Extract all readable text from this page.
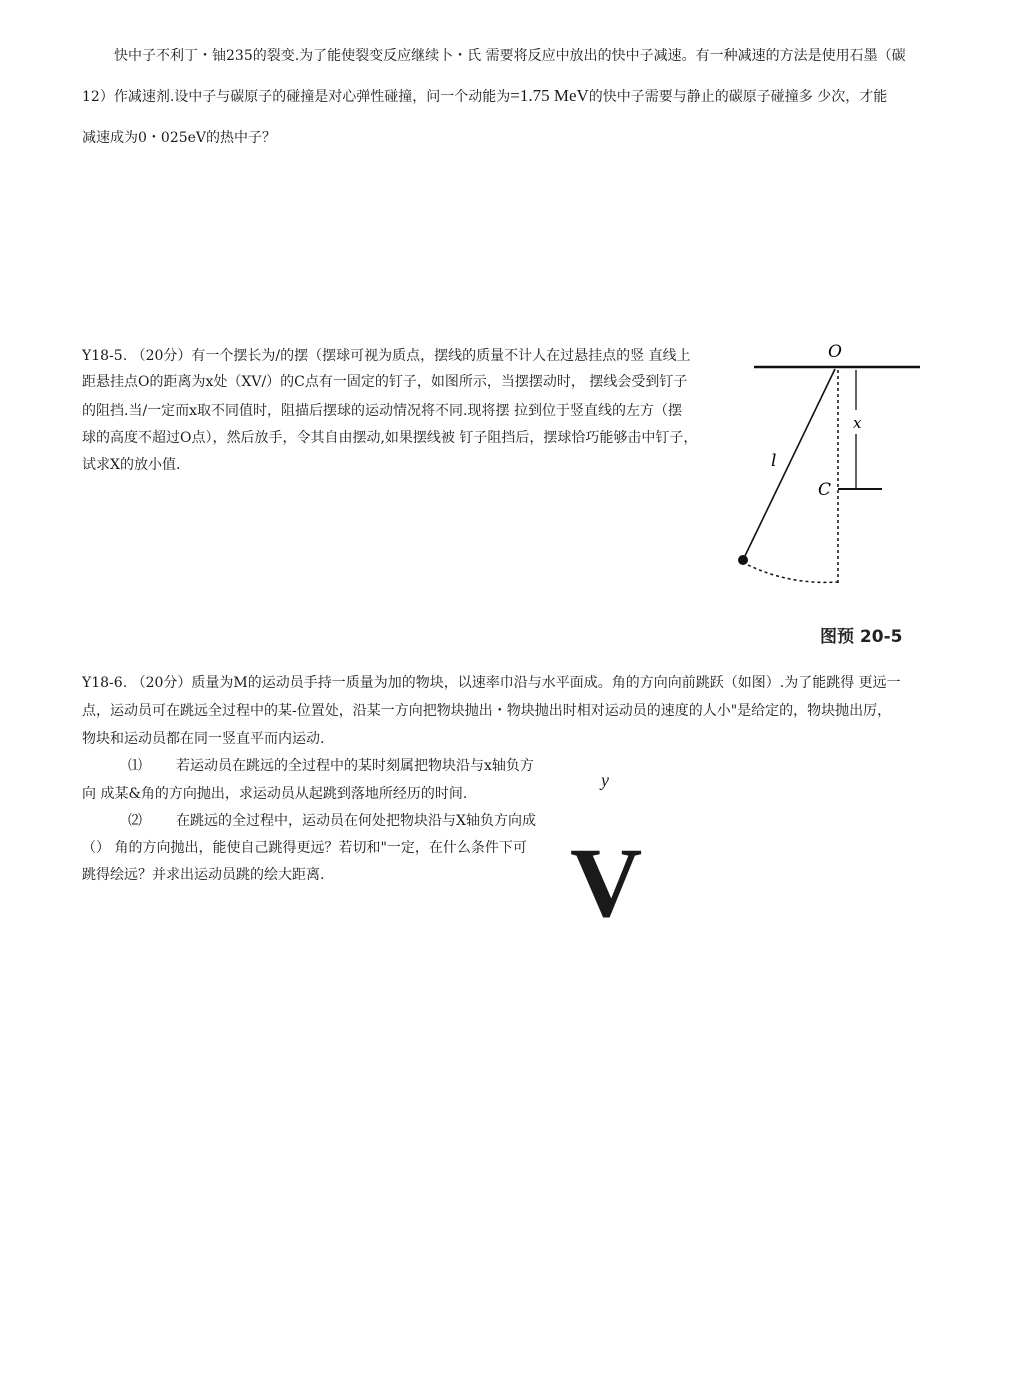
快中子不利丁・铀235的裂变.为了能使裂变反应继续卜・氏 需要将反应中放出的快中子减速。有一种减速的方法是使用石墨（碳
12）作减速剂.设中子与碳原子的碰撞是对心弹性碰撞，问一个动能为=1.75 MeV的快中子需要与静止的碳原子碰撞多 少次，才能
减速成为0・025eV的热中子？
Y18-5. （20分）有一个摆长为/的摆（摆球可视为质点，摆线的质量不计人在过悬挂点的竖 直线上
距悬挂点O的距离为x处（XV/）的C点有一固定的钉子，如图所示，当摆摆动时， 摆线会受到钉子
的阻挡.当/一定而x取不同值时，阻描后摆球的运动情况将不同.现将摆 拉到位于竖直线的左方（摆
球的高度不超过O点），然后放手，令其自由摆动,如果摆线被 钉子阻挡后，摆球恰巧能够击中钉子，
试求X的放小值.
O
x
l
C
图预 20-5
Y18-6. （20分）质量为M的运动员手持一质量为加的物块，以速率巾沿与水平面成。角的方向向前跳跃（如图）.为了能跳得 更远一
点，运动员可在跳远全过程中的某-位置处，沿某一方向把物块抛出・物块抛出时相对运动员的速度的人小"是给定的，物块抛出厉，
物块和运动员都在同一竖直平而内运动.
⑴ 若运动员在跳远的全过程中的某时刻属把物块沿与x轴负方
向 成某&角的方向抛出，求运动员从起跳到落地所经历的时间.
⑵ 在跳远的全过程中，运动员在何处把物块沿与X轴负方向成
（） 角的方向抛出，能使自己跳得更远？若切和"一定，在什么条件下可
跳得绘远？并求出运动员跳的绘大距离.
y
V
